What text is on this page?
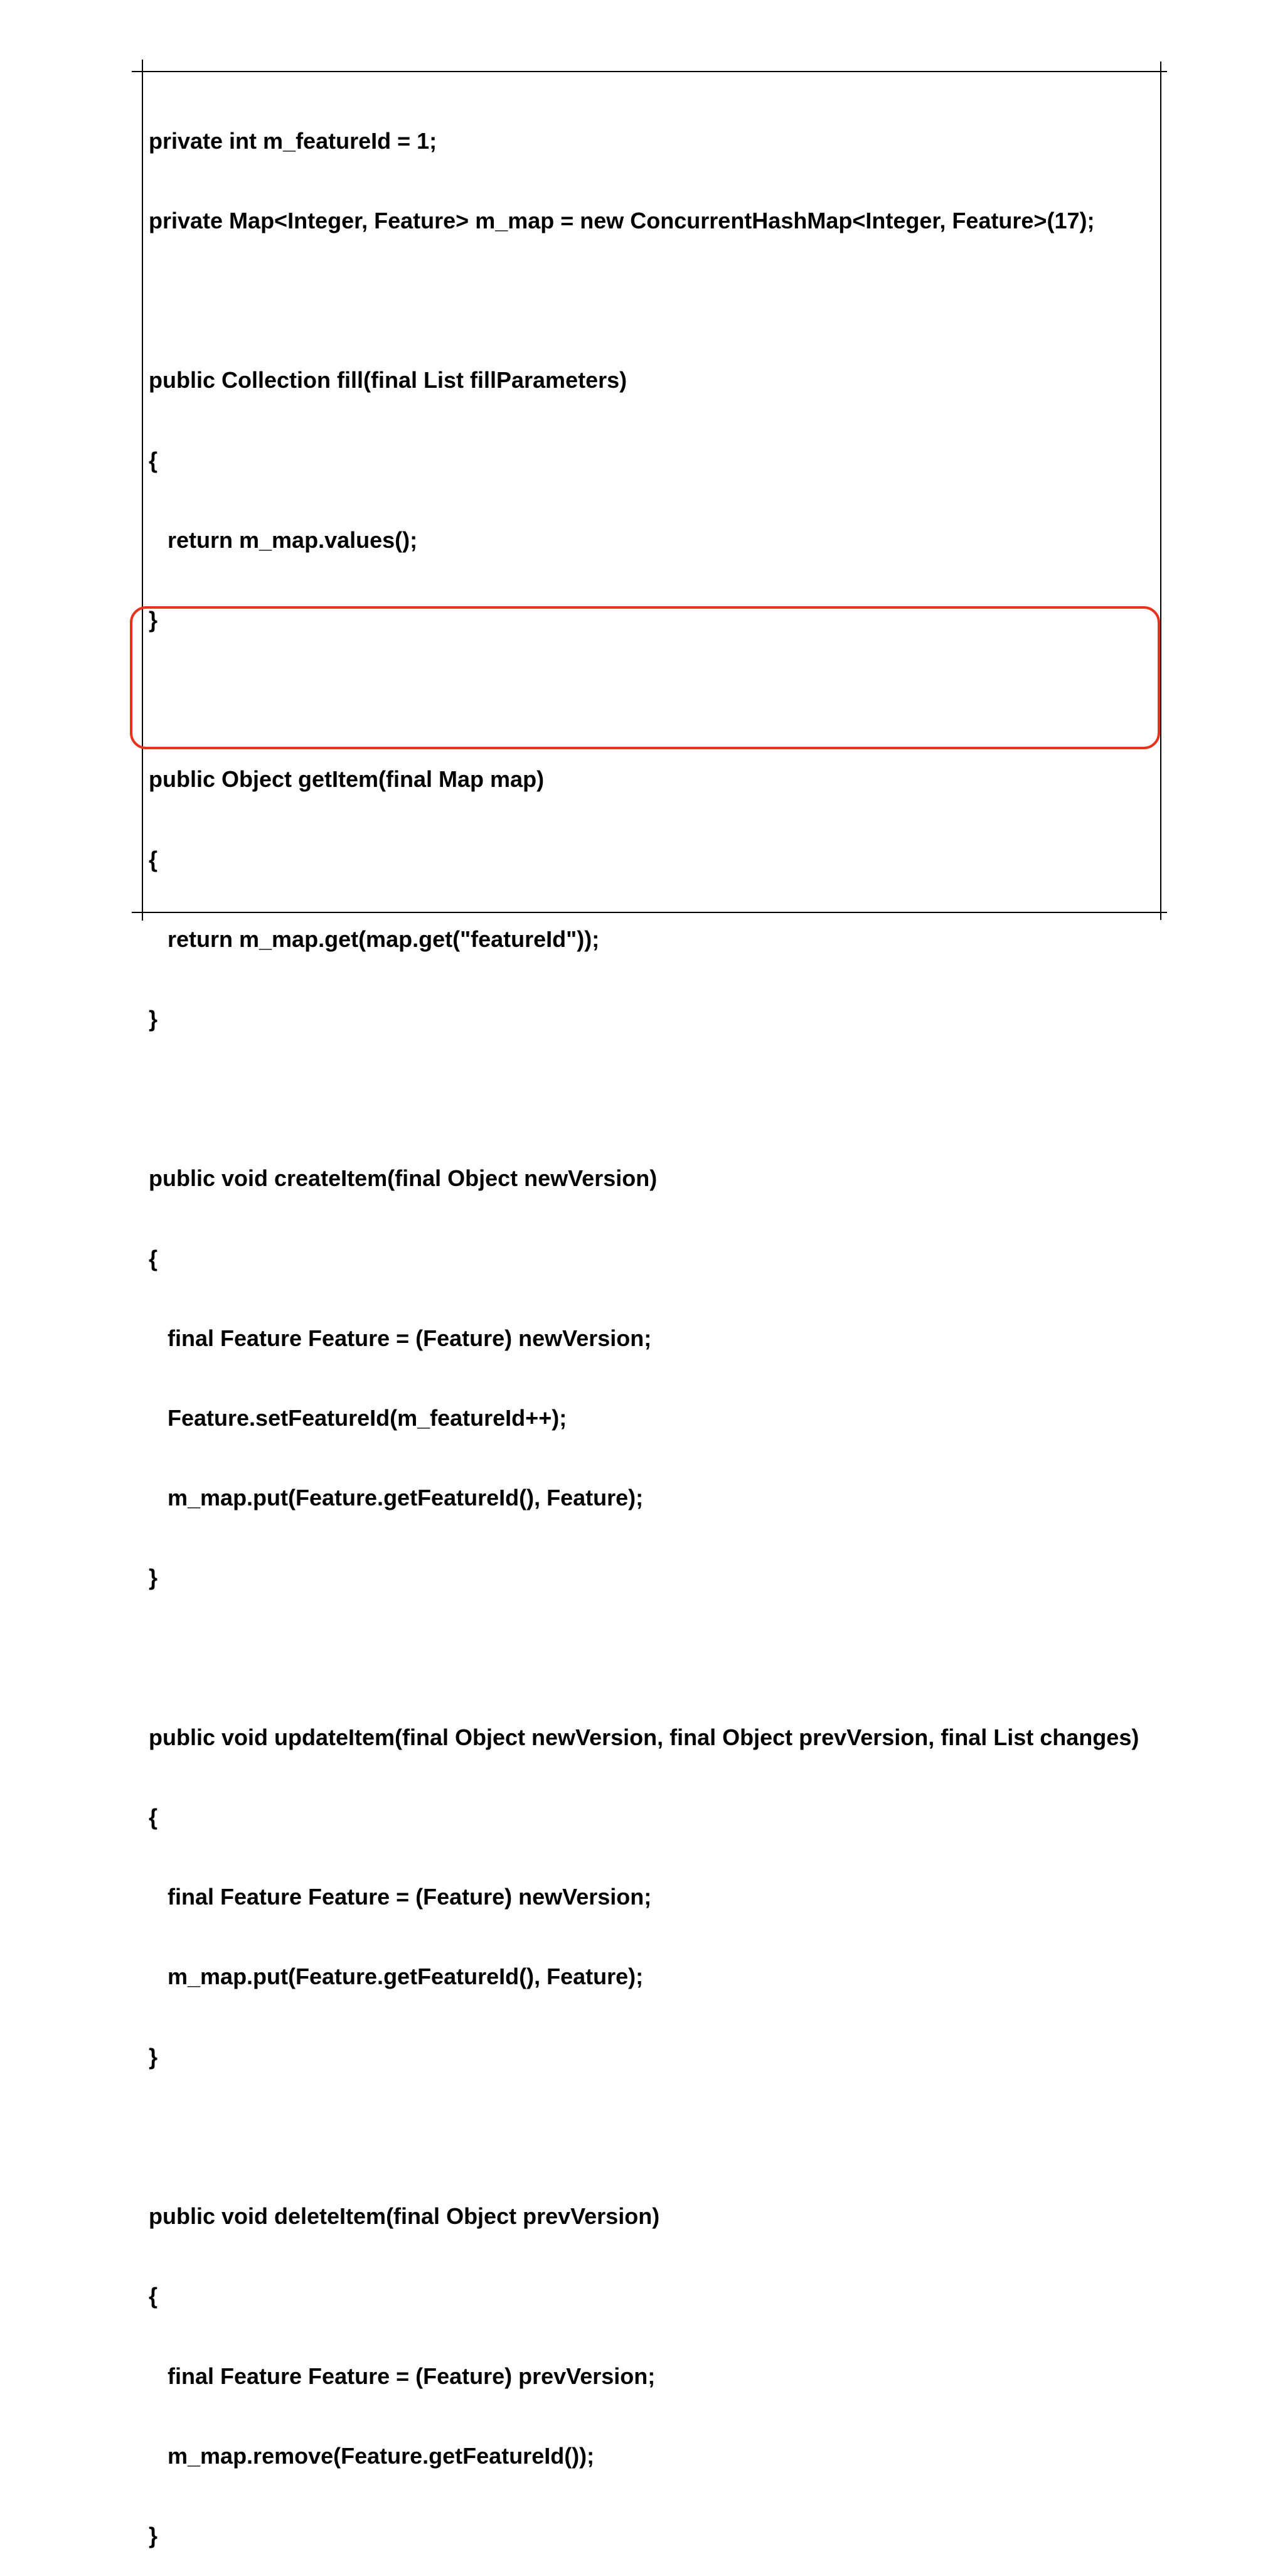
private int m_featureId = 1;

private Map<Integer, Feature> m_map = new ConcurrentHashMap<Integer, Feature>(17);

public Collection fill(final List fillParameters)

{

return m_map.values();

}

public Object getItem(final Map map)

{

return m_map.get(map.get("featureId"));

}

public void createItem(final Object newVersion)

{

final Feature Feature = (Feature) newVersion;

Feature.setFeatureId(m_featureId++);

m_map.put(Feature.getFeatureId(), Feature);

}

public void updateItem(final Object newVersion, final Object prevVersion, final List changes)

{

final Feature Feature = (Feature) newVersion;

m_map.put(Feature.getFeatureId(), Feature);

}

public void deleteItem(final Object prevVersion)

{

final Feature Feature = (Feature) prevVersion;

m_map.remove(Feature.getFeatureId());

}
